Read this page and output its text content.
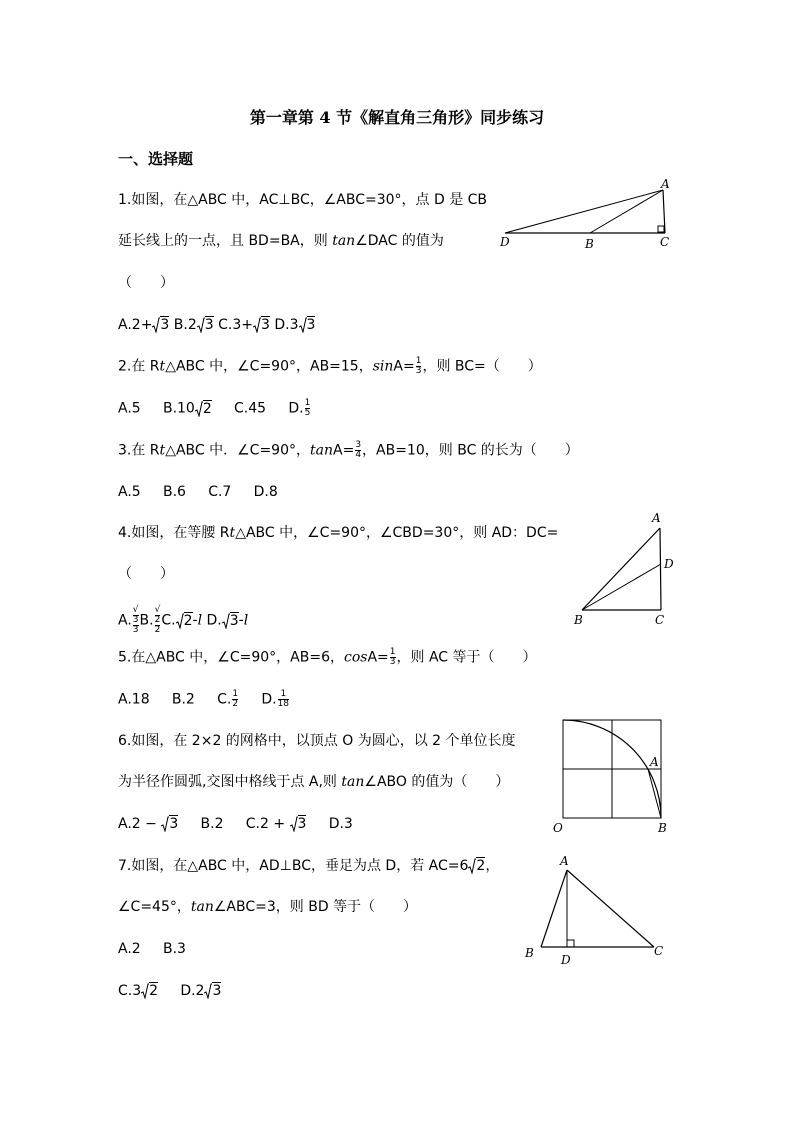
第一章第 4 节《解直角三角形》同步练习
一、选择题
1.如图，在△ABC 中，AC⊥BC，∠ABC=30°，点 D 是 CB
延长线上的一点，且 BD=BA，则 tan∠DAC 的值为
（　　）
A.2+ 3 B.2 3 C.3+ 3 D.3 3
A
D	B	C
2.在 Rt△ABC 中，∠C=90°，AB=15，$\sin A= \frac{1}{3}$ ，则 BC=（　　）
A.5 B.10 2 C.45 D. $\frac{1}{5}$
3.在 Rt△ABC 中．∠C=90°，$\tan A= \frac{3}{4}$ ，AB=10，则 BC 的长为（　　）
A.5 B.6 C.7 D.8
4.如图，在等腰 Rt△ABC 中，∠C=90°，∠CBD=30°，则 AD：DC=
（　　）
A. √
3
3 B. √
2
2 C. 2-l D. 3-l
A
D
B	C
5.在△ABC 中，∠C=90°，AB=6，$\cos A= \frac{1}{3}$ ，则 AC 等于（　　）
A.18 B.2 C. $\frac{1}{2} D$. $\frac{1}{18}$
6.如图，在 2×2 的网格中，以顶点 O 为圆心，以 2 个单位长度
为半径作圆弧,交图中格线于点 A,则 tan∠ABO 的值为（　　）
A.2 − 3 B.2 C.2 + 3 D.3
A
O	B
7.如图，在△ABC 中，AD⊥BC，垂足为点 D，若 AC=6 2，
∠C=45°，tan∠ABC=3，则 BD 等于（　　）
A.2 B.3
C.3 2 D.2 3
A
B D
C
